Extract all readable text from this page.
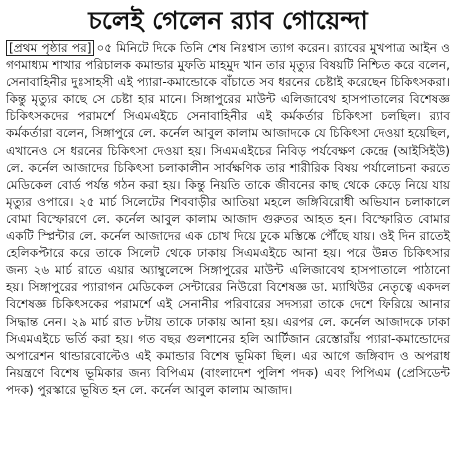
চলেই গেলেন র‍্যাব গোয়েন্দা

[প্রথম পৃষ্ঠার পর] ০৫ মিনিটে দিকে তিনি শেষ নিঃশ্বাস ত্যাগ করেন। র‍্যাবের মুখপাত্র আইন ও গণমাধ্যম শাখার পরিচালক কমান্ডার মুফতি মাহমুদ খান তার মৃত্যুর বিষয়টি নিশ্চিত করে বলেন, সেনাবাহিনীর দুঃসাহসী এই প্যারা-কমান্ডোকে বাঁচাতে সব ধরনের চেষ্টাই করেছেন চিকিৎসকরা। কিন্তু মৃত্যুর কাছে সে চেষ্টা হার মানে। সিঙ্গাপুরের মাউন্ট এলিজাবেথ হাসপাতালের বিশেষজ্ঞ চিকিৎসকদের পরামর্শে সিএমএইচে সেনাবাহিনীর এই কর্মকর্তার চিকিৎসা চলছিল। র‍্যাব কর্মকর্তারা বলেন, সিঙ্গাপুরে লে. কর্নেল আবুল কালাম আজাদকে যে চিকিৎসা দেওয়া হয়েছিল, এখানেও সে ধরনের চিকিৎসা দেওয়া হয়। সিএমএইচের নিবিড় পর্যবেক্ষণ কেন্দ্রে (আইসিইউ) লে. কর্নেল আজাদের চিকিৎসা চলাকালীন সার্বক্ষণিক তার শারীরিক বিষয় পর্যালোচনা করতে মেডিকেল বোর্ড পর্যন্ত গঠন করা হয়। কিন্তু নিয়তি তাকে জীবনের কাছ থেকে কেড়ে নিয়ে যায় মৃত্যুর ওপারে। ২৫ মার্চ সিলেটের শিববাড়ীর আতিয়া মহলে জঙ্গিবিরোধী অভিযান চলাকালে বোমা বিস্ফোরণে লে. কর্নেল আবুল কালাম আজাদ গুরুতর আহত হন। বিস্ফোরিত বোমার একটি স্প্লিন্টার লে. কর্নেল আজাদের এক চোখ দিয়ে ঢুকে মস্তিষ্কে পৌঁছে যায়। ওই দিন রাতেই হেলিকপ্টারে করে তাকে সিলেট থেকে ঢাকায় সিএমএইচে আনা হয়। পরে উন্নত চিকিৎসার জন্য ২৬ মার্চ রাতে এয়ার অ্যাম্বুলেন্সে সিঙ্গাপুরের মাউন্ট এলিজাবেথ হাসপাতালে পাঠানো হয়। সিঙ্গাপুরের প্যারাগন মেডিকেল সেন্টারের নিউরো বিশেষজ্ঞ ডা. ম্যাথিউর নেতৃত্বে একদল বিশেষজ্ঞ চিকিৎসকের পরামর্শে এই সেনানীর পরিবারের সদস্যরা তাকে দেশে ফিরিয়ে আনার সিদ্ধান্ত নেন। ২৯ মার্চ রাত ৮টায় তাকে ঢাকায় আনা হয়। এরপর লে. কর্নেল আজাদকে ঢাকা সিএমএইচে ভর্তি করা হয়। গত বছর গুলশানের হলি আর্টিজান রেস্তোরাঁয় প্যারা-কমান্ডোদের অপারেশন থান্ডারবোল্টেও এই কমান্ডার বিশেষ ভূমিকা ছিল। এর আগে জঙ্গিবাদ ও অপরাধ নিয়ন্ত্রণে বিশেষ ভূমিকার জন্য বিপিএম (বাংলাদেশ পুলিশ পদক) এবং পিপিএম (প্রেসিডেন্ট পদক) পুরস্কারে ভূষিত হন লে. কর্নেল আবুল কালাম আজাদ।
